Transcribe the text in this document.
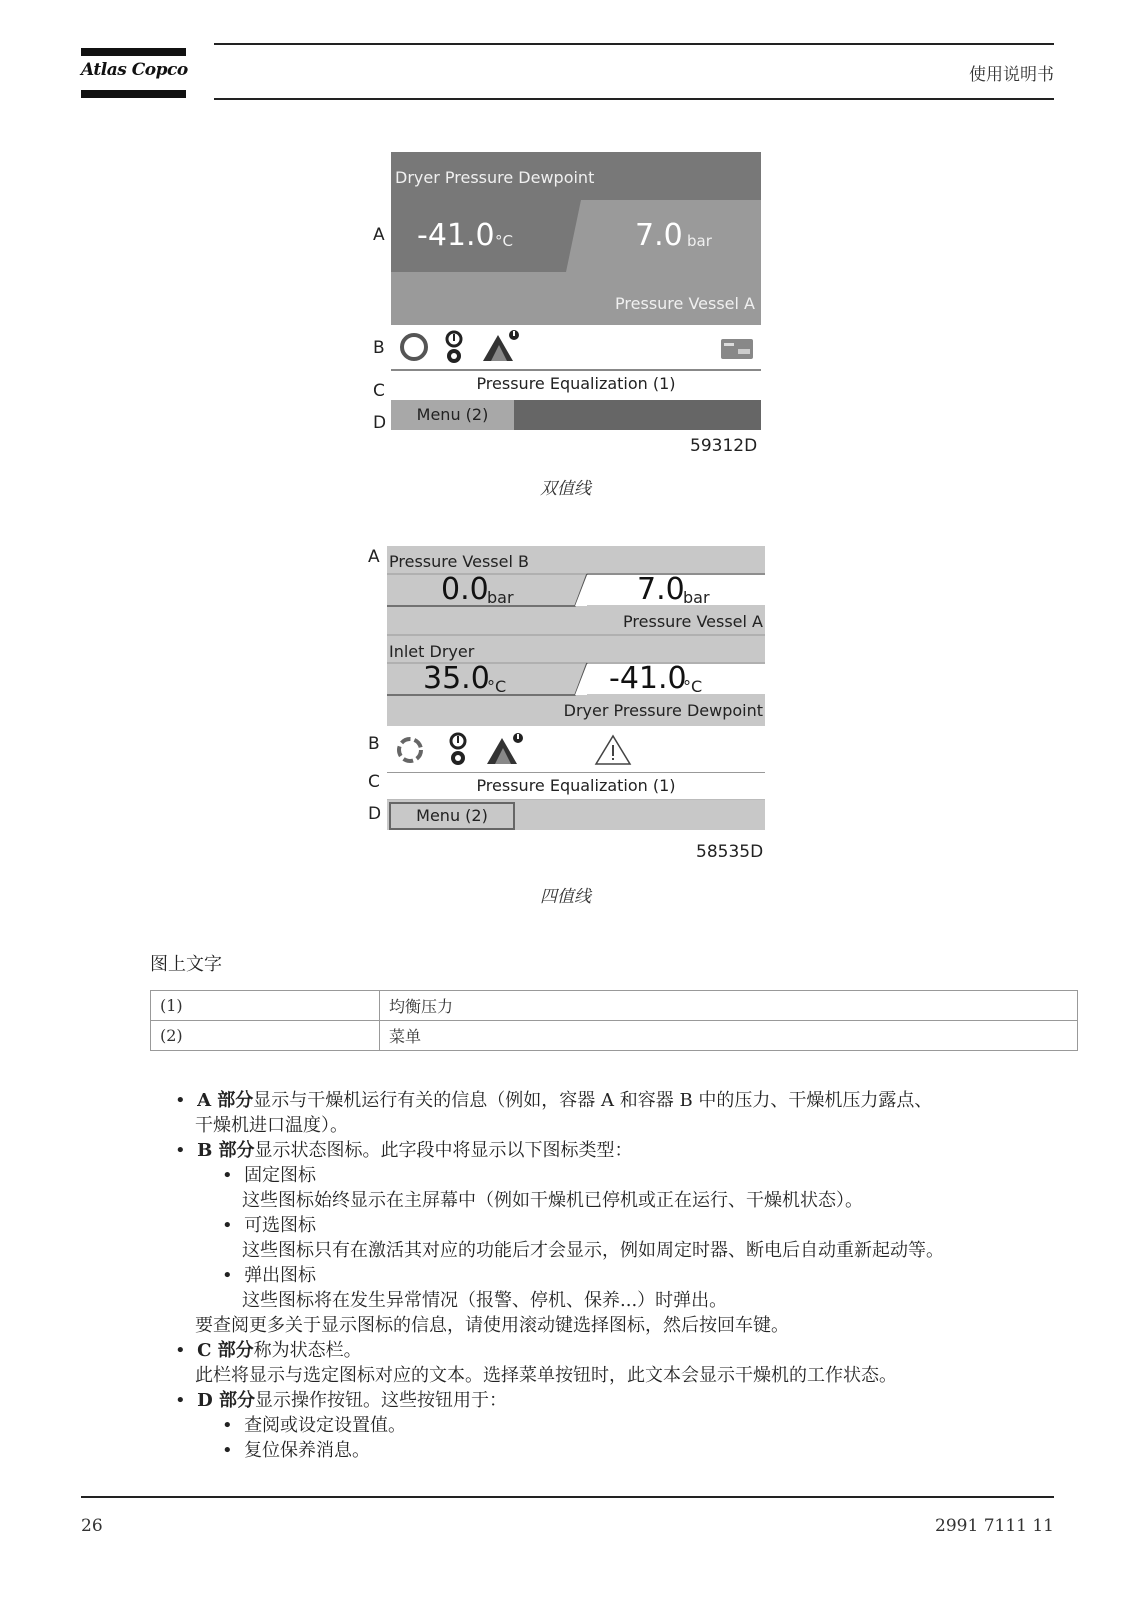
Atlas Copco	使用说明书
A
B
C
D
Dryer Pressure Dewpoint
-41.0 °C	7.0 bar
Pressure Vessel A
Pressure Equalization (1)
Menu (2)
59312D
双值线
A
B
C
D
Pressure Vessel B
0.0
bar	7.0
bar
Pressure Vessel A
Inlet Dryer
35.0
°C	-41.0
°C
Dryer Pressure Dewpoint
Pressure Equalization (1)
Menu (2)
58535D
四值线
图上文字
(1)	均衡压力
(2)	菜单
•  A 部分显示与干燥机运行有关的信息（例如，容器 A 和容器 B 中的压力、干燥机压力露点、
干燥机进口温度）。
•  B 部分显示状态图标。此字段中将显示以下图标类型：
•  固定图标
这些图标始终显示在主屏幕中（例如干燥机已停机或正在运行、干燥机状态）。
•  可选图标
这些图标只有在激活其对应的功能后才会显示，例如周定时器、断电后自动重新起动等。
•  弹出图标
这些图标将在发生异常情况（报警、停机、保养...）时弹出。
要查阅更多关于显示图标的信息，请使用滚动键选择图标，然后按回车键。
•  C 部分称为状态栏。
此栏将显示与选定图标对应的文本。选择菜单按钮时，此文本会显示干燥机的工作状态。
•  D 部分显示操作按钮。这些按钮用于：
•  查阅或设定设置值。
•  复位保养消息。
26	2991 7111 11
